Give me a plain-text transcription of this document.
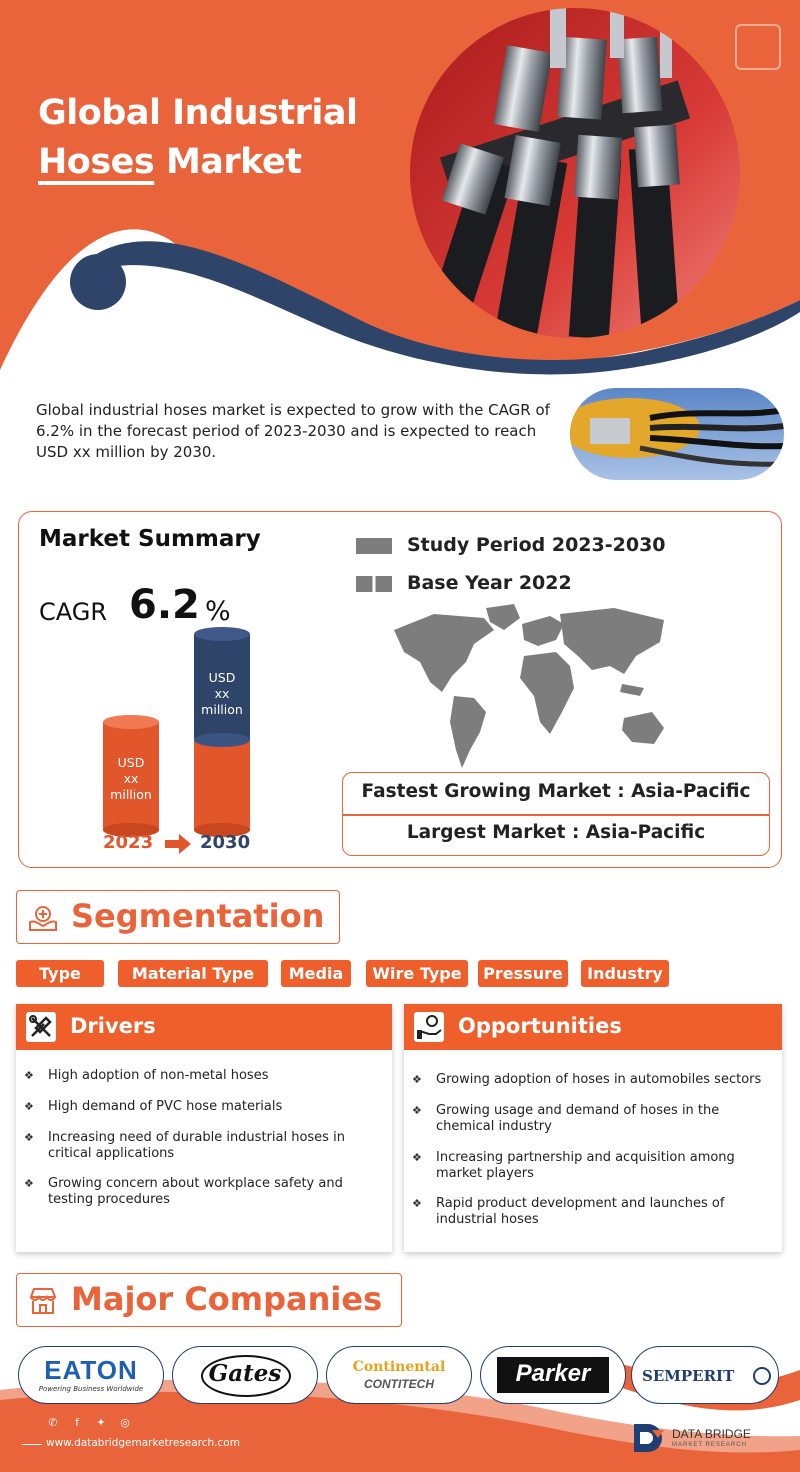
Global Industrial
Hoses Market
Global industrial hoses market is expected to grow with the CAGR of 6.2% in the forecast period of 2023-2030 and is expected to reach USD xx million by 2030.
Market Summary
CAGR 6.2 %
USD
xx
million
USD
xx
million
2023	2030
Study Period 2023-2030
Base Year 2022
Fastest Growing Market : Asia-Pacific
Largest Market : Asia-Pacific
Segmentation
Type	Material Type	Media	Wire Type	Pressure	Industry
Drivers
❖ High adoption of non-metal hoses
❖ High demand of PVC hose materials
❖ Increasing need of durable industrial hoses in critical applications
❖ Growing concern about workplace safety and testing procedures
Opportunities
❖ Growing adoption of hoses in automobiles sectors
❖ Growing usage and demand of hoses in the chemical industry
❖ Increasing partnership and acquisition among market players
❖ Rapid product development and launches of industrial hoses
Major Companies
EATON
Powering Business Worldwide
Gates	Continental
CONTITECH	Parker	SEMPERIT
✆	f	✦ ◎
www.databridgemarketresearch.com
DATA BRIDGE
MARKET RESEARCH
